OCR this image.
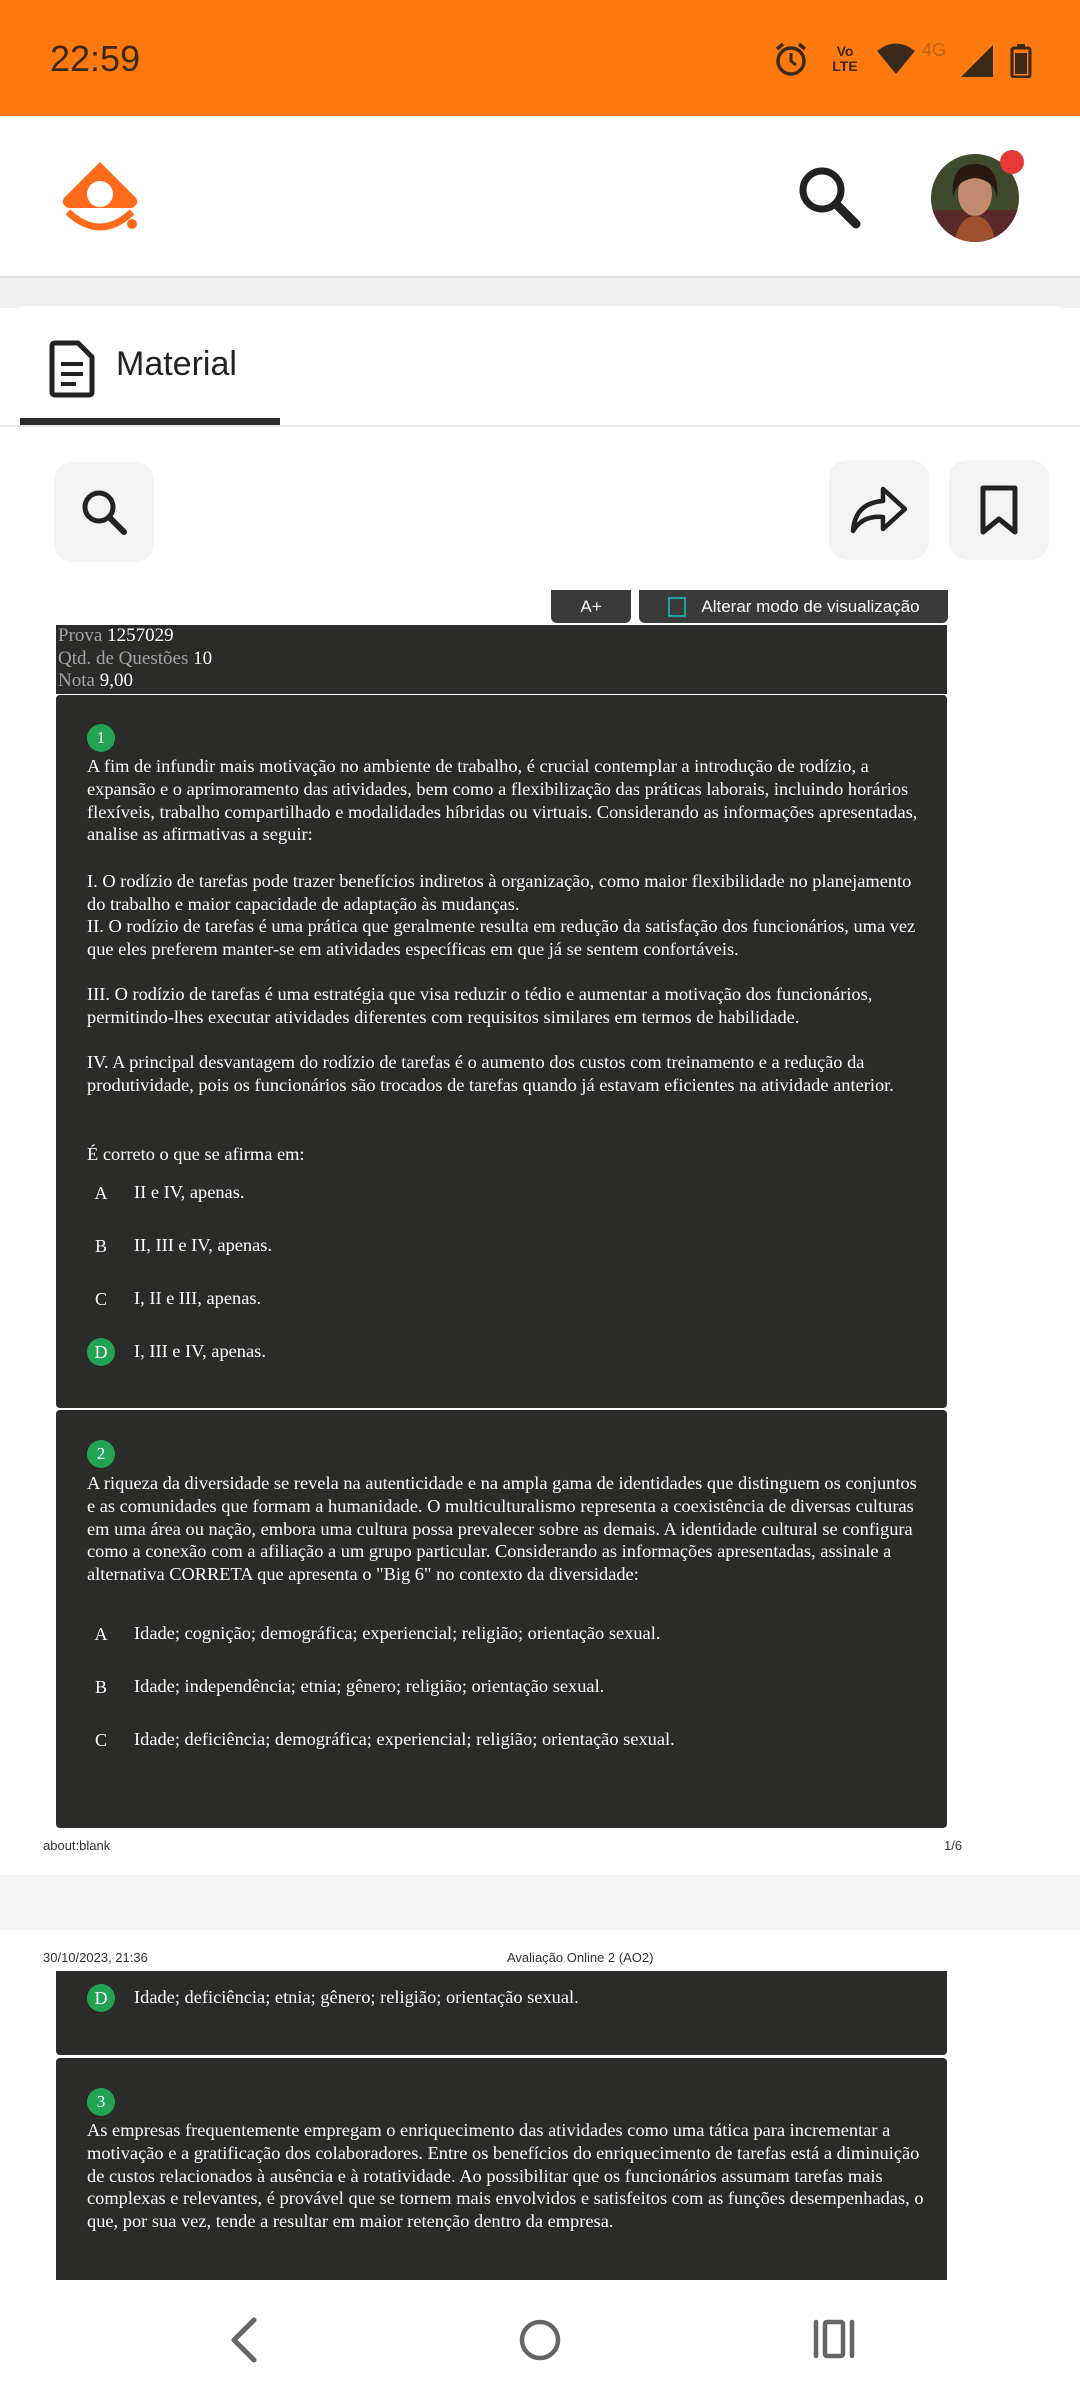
22:59	Vo LTE
4G
Material
A+	Alterar modo de visualização
Prova 1257029
Qtd. de Questões 10
Nota 9,00
1
A fim de infundir mais motivação no ambiente de trabalho, é crucial contemplar a introdução de rodízio, a expansão e o aprimoramento das atividades, bem como a flexibilização das práticas laborais, incluindo horários flexíveis, trabalho compartilhado e modalidades híbridas ou virtuais. Considerando as informações apresentadas, analise as afirmativas a seguir:
I. O rodízio de tarefas pode trazer benefícios indiretos à organização, como maior flexibilidade no planejamento do trabalho e maior capacidade de adaptação às mudanças.
II. O rodízio de tarefas é uma prática que geralmente resulta em redução da satisfação dos funcionários, uma vez que eles preferem manter-se em atividades específicas em que já se sentem confortáveis.
III. O rodízio de tarefas é uma estratégia que visa reduzir o tédio e aumentar a motivação dos funcionários, permitindo-lhes executar atividades diferentes com requisitos similares em termos de habilidade.
IV. A principal desvantagem do rodízio de tarefas é o aumento dos custos com treinamento e a redução da produtividade, pois os funcionários são trocados de tarefas quando já estavam eficientes na atividade anterior.
É correto o que se afirma em:
A	II e IV, apenas.
B	II, III e IV, apenas.
C	I, II e III, apenas.
D	I, III e IV, apenas.
2
A riqueza da diversidade se revela na autenticidade e na ampla gama de identidades que distinguem os conjuntos e as comunidades que formam a humanidade. O multiculturalismo representa a coexistência de diversas culturas em uma área ou nação, embora uma cultura possa prevalecer sobre as demais. A identidade cultural se configura como a conexão com a afiliação a um grupo particular. Considerando as informações apresentadas, assinale a alternativa CORRETA que apresenta o "Big 6" no contexto da diversidade:
A	Idade; cognição; demográfica; experiencial; religião; orientação sexual.
B	Idade; independência; etnia; gênero; religião; orientação sexual.
C	Idade; deficiência; demográfica; experiencial; religião; orientação sexual.
about:blank	1/6
30/10/2023, 21:36	Avaliação Online 2 (AO2)
D	Idade; deficiência; etnia; gênero; religião; orientação sexual.
3
As empresas frequentemente empregam o enriquecimento das atividades como uma tática para incrementar a motivação e a gratificação dos colaboradores. Entre os benefícios do enriquecimento de tarefas está a diminuição de custos relacionados à ausência e à rotatividade. Ao possibilitar que os funcionários assumam tarefas mais complexas e relevantes, é provável que se tornem mais envolvidos e satisfeitos com as funções desempenhadas, o que, por sua vez, tende a resultar em maior retenção dentro da empresa.
